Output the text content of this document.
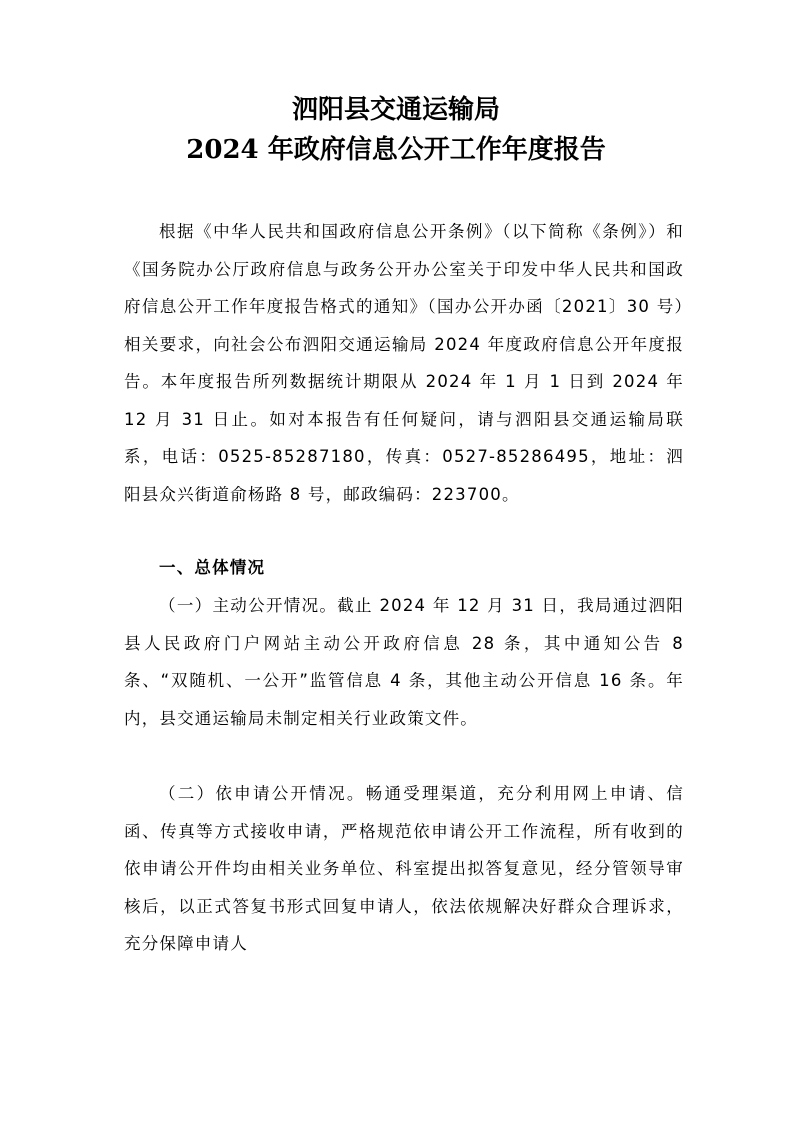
泗阳县交通运输局
2024 年政府信息公开工作年度报告

根据《中华人民共和国政府信息公开条例》（以下简称《条例》）和《国务院办公厅政府信息与政务公开办公室关于印发中华人民共和国政府信息公开工作年度报告格式的通知》（国办公开办函〔2021〕30 号）相关要求，向社会公布泗阳交通运输局 2024 年度政府信息公开年度报告。本年度报告所列数据统计期限从 2024 年 1 月 1 日到 2024 年 12 月 31 日止。如对本报告有任何疑问，请与泗阳县交通运输局联系，电话：0525-85287180，传真：0527-85286495，地址：泗阳县众兴街道俞杨路 8 号，邮政编码：223700。

一、总体情况

（一）主动公开情况。截止 2024 年 12 月 31 日，我局通过泗阳县人民政府门户网站主动公开政府信息 28 条，其中通知公告 8 条、“双随机、一公开”监管信息 4 条，其他主动公开信息 16 条。年内，县交通运输局未制定相关行业政策文件。

（二）依申请公开情况。畅通受理渠道，充分利用网上申请、信函、传真等方式接收申请，严格规范依申请公开工作流程，所有收到的依申请公开件均由相关业务单位、科室提出拟答复意见，经分管领导审核后，以正式答复书形式回复申请人，依法依规解决好群众合理诉求，充分保障申请人
